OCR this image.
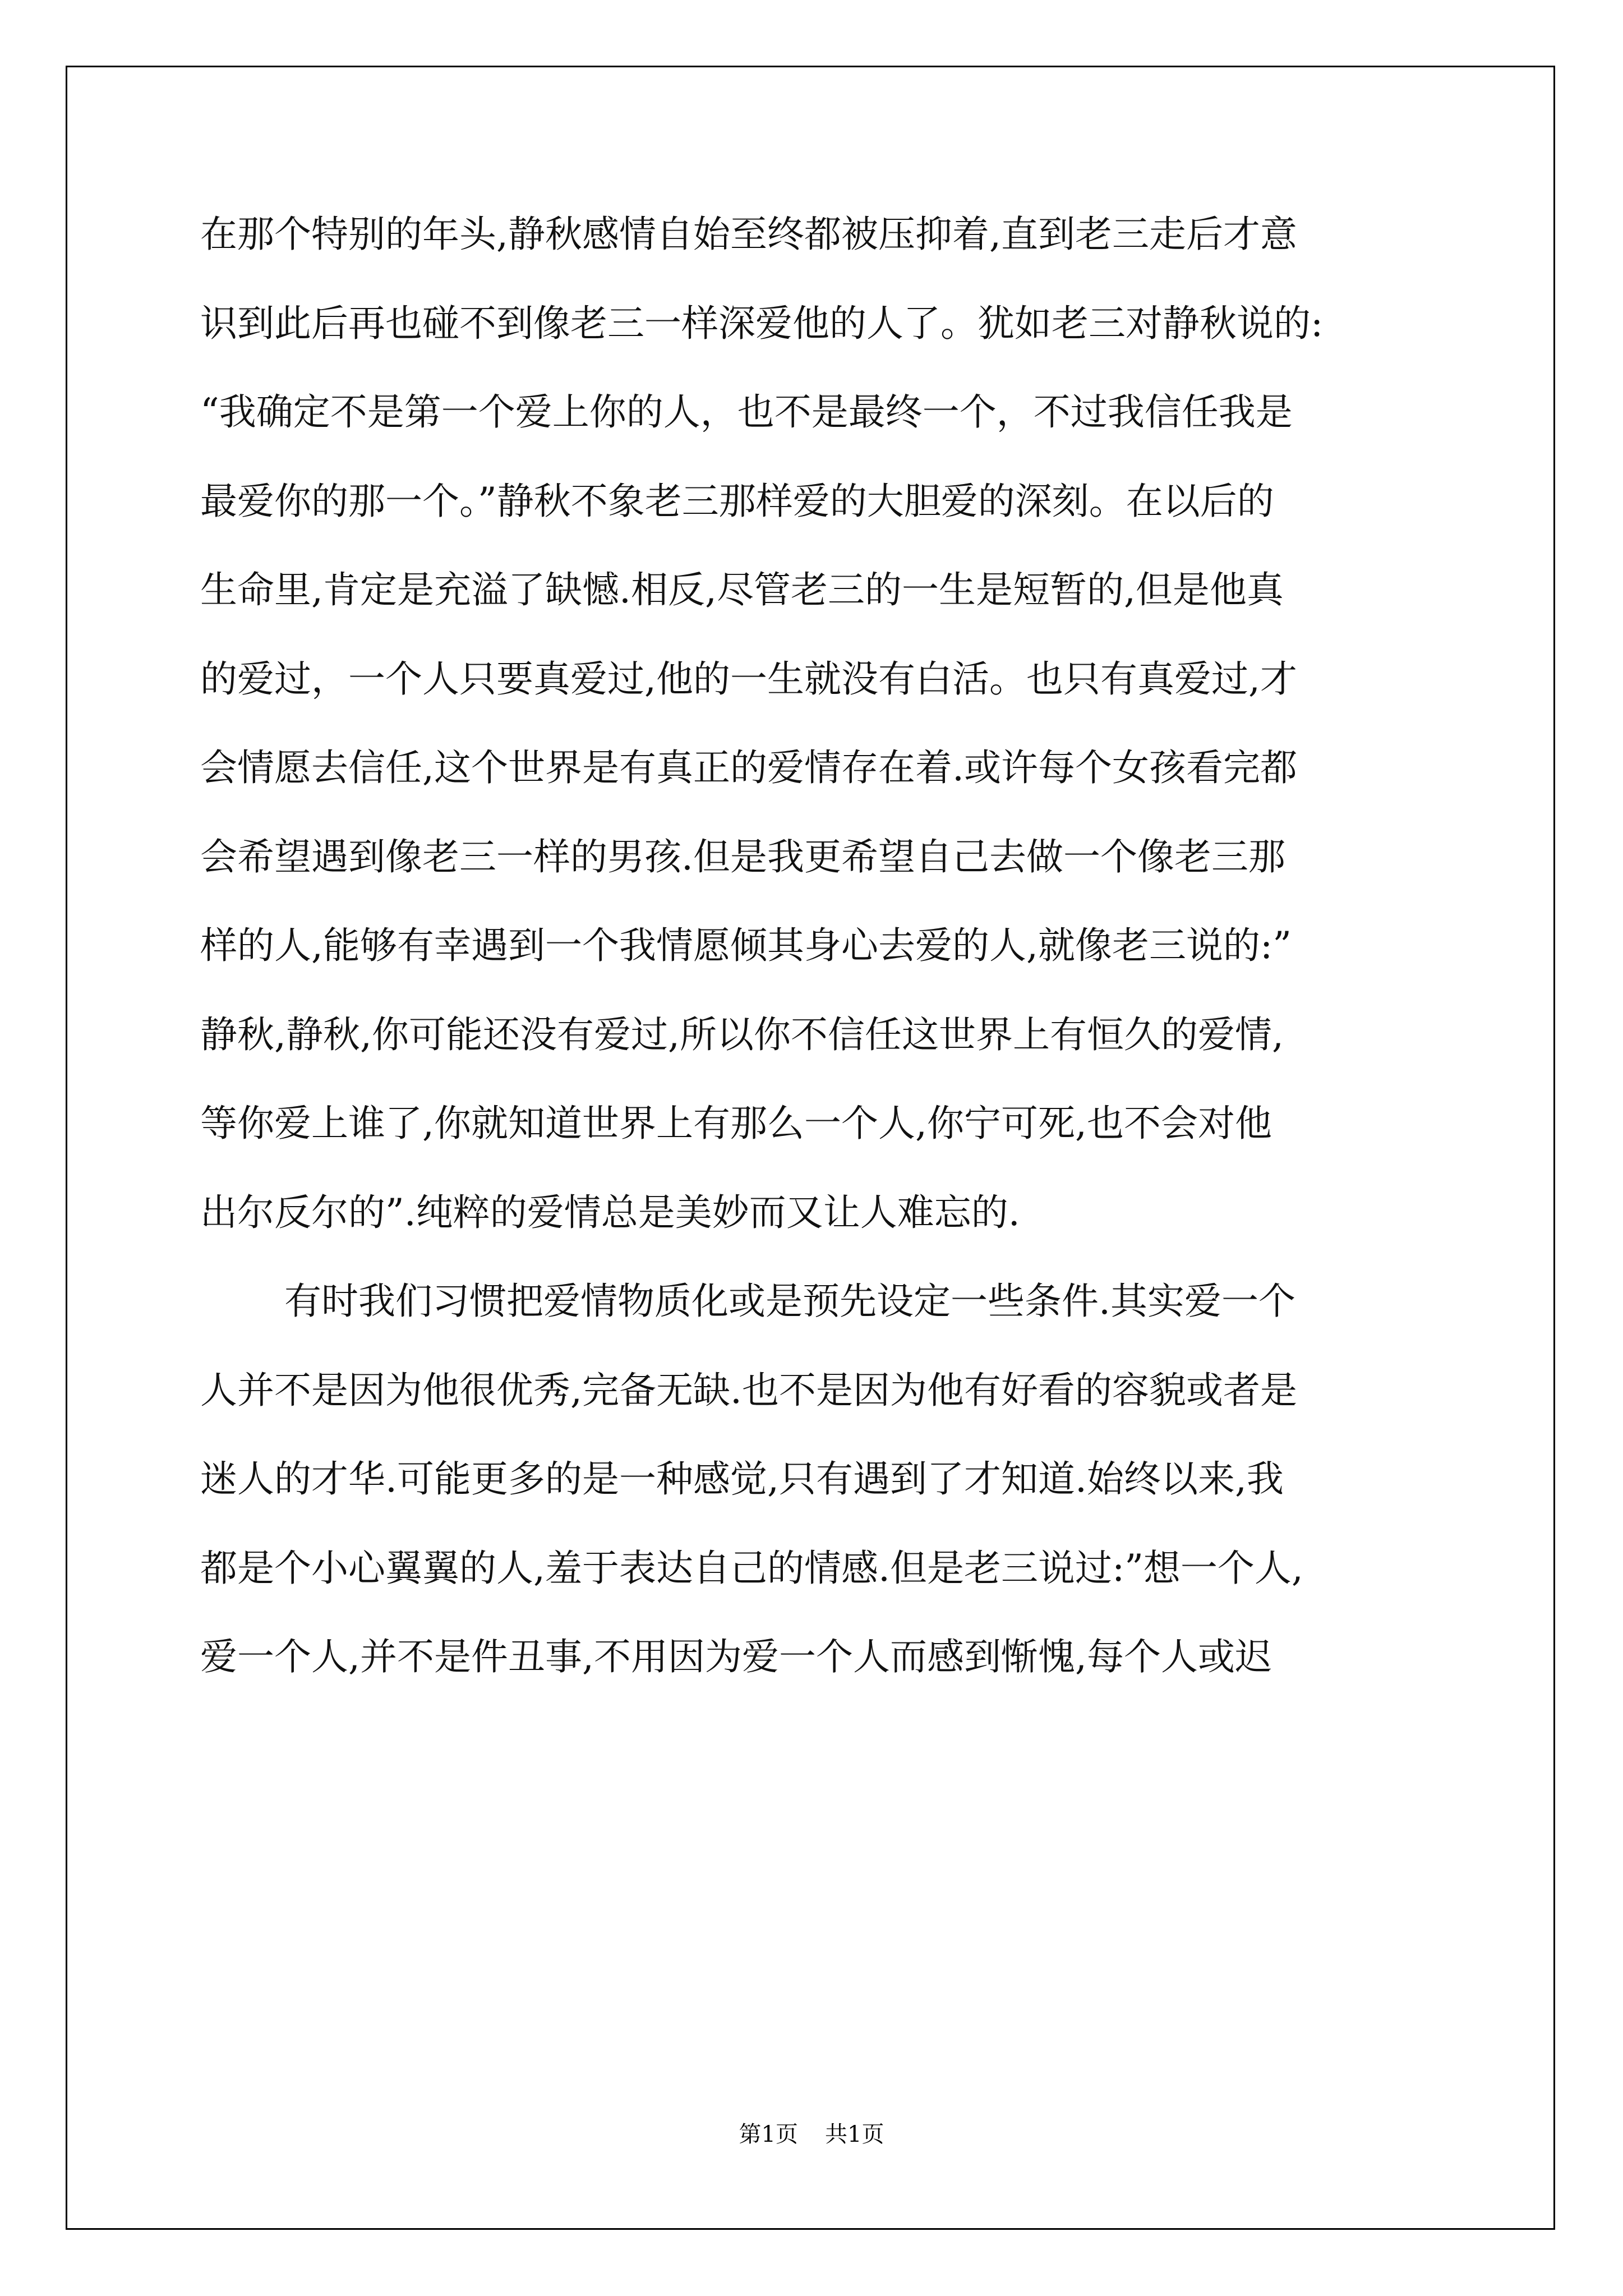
在那个特别的年头,静秋感情自始至终都被压抑着,直到老三走后才意
识到此后再也碰不到像老三一样深爱他的人了。犹如老三对静秋说的:
“我确定不是第一个爱上你的人，也不是最终一个，不过我信任我是
最爱你的那一个。”静秋不象老三那样爱的大胆爱的深刻。在以后的
生命里,肯定是充溢了缺憾.相反,尽管老三的一生是短暂的,但是他真
的爱过，一个人只要真爱过,他的一生就没有白活。也只有真爱过,才
会情愿去信任,这个世界是有真正的爱情存在着.或许每个女孩看完都
会希望遇到像老三一样的男孩.但是我更希望自己去做一个像老三那
样的人,能够有幸遇到一个我情愿倾其身心去爱的人,就像老三说的:”
静秋,静秋,你可能还没有爱过,所以你不信任这世界上有恒久的爱情,
等你爱上谁了,你就知道世界上有那么一个人,你宁可死,也不会对他
出尔反尔的”.纯粹的爱情总是美妙而又让人难忘的.

有时我们习惯把爱情物质化或是预先设定一些条件.其实爱一个
人并不是因为他很优秀,完备无缺.也不是因为他有好看的容貌或者是
迷人的才华.可能更多的是一种感觉,只有遇到了才知道.始终以来,我
都是个小心翼翼的人,羞于表达自己的情感.但是老三说过:”想一个人,
爱一个人,并不是件丑事,不用因为爱一个人而感到惭愧,每个人或迟

第1页 共1页
